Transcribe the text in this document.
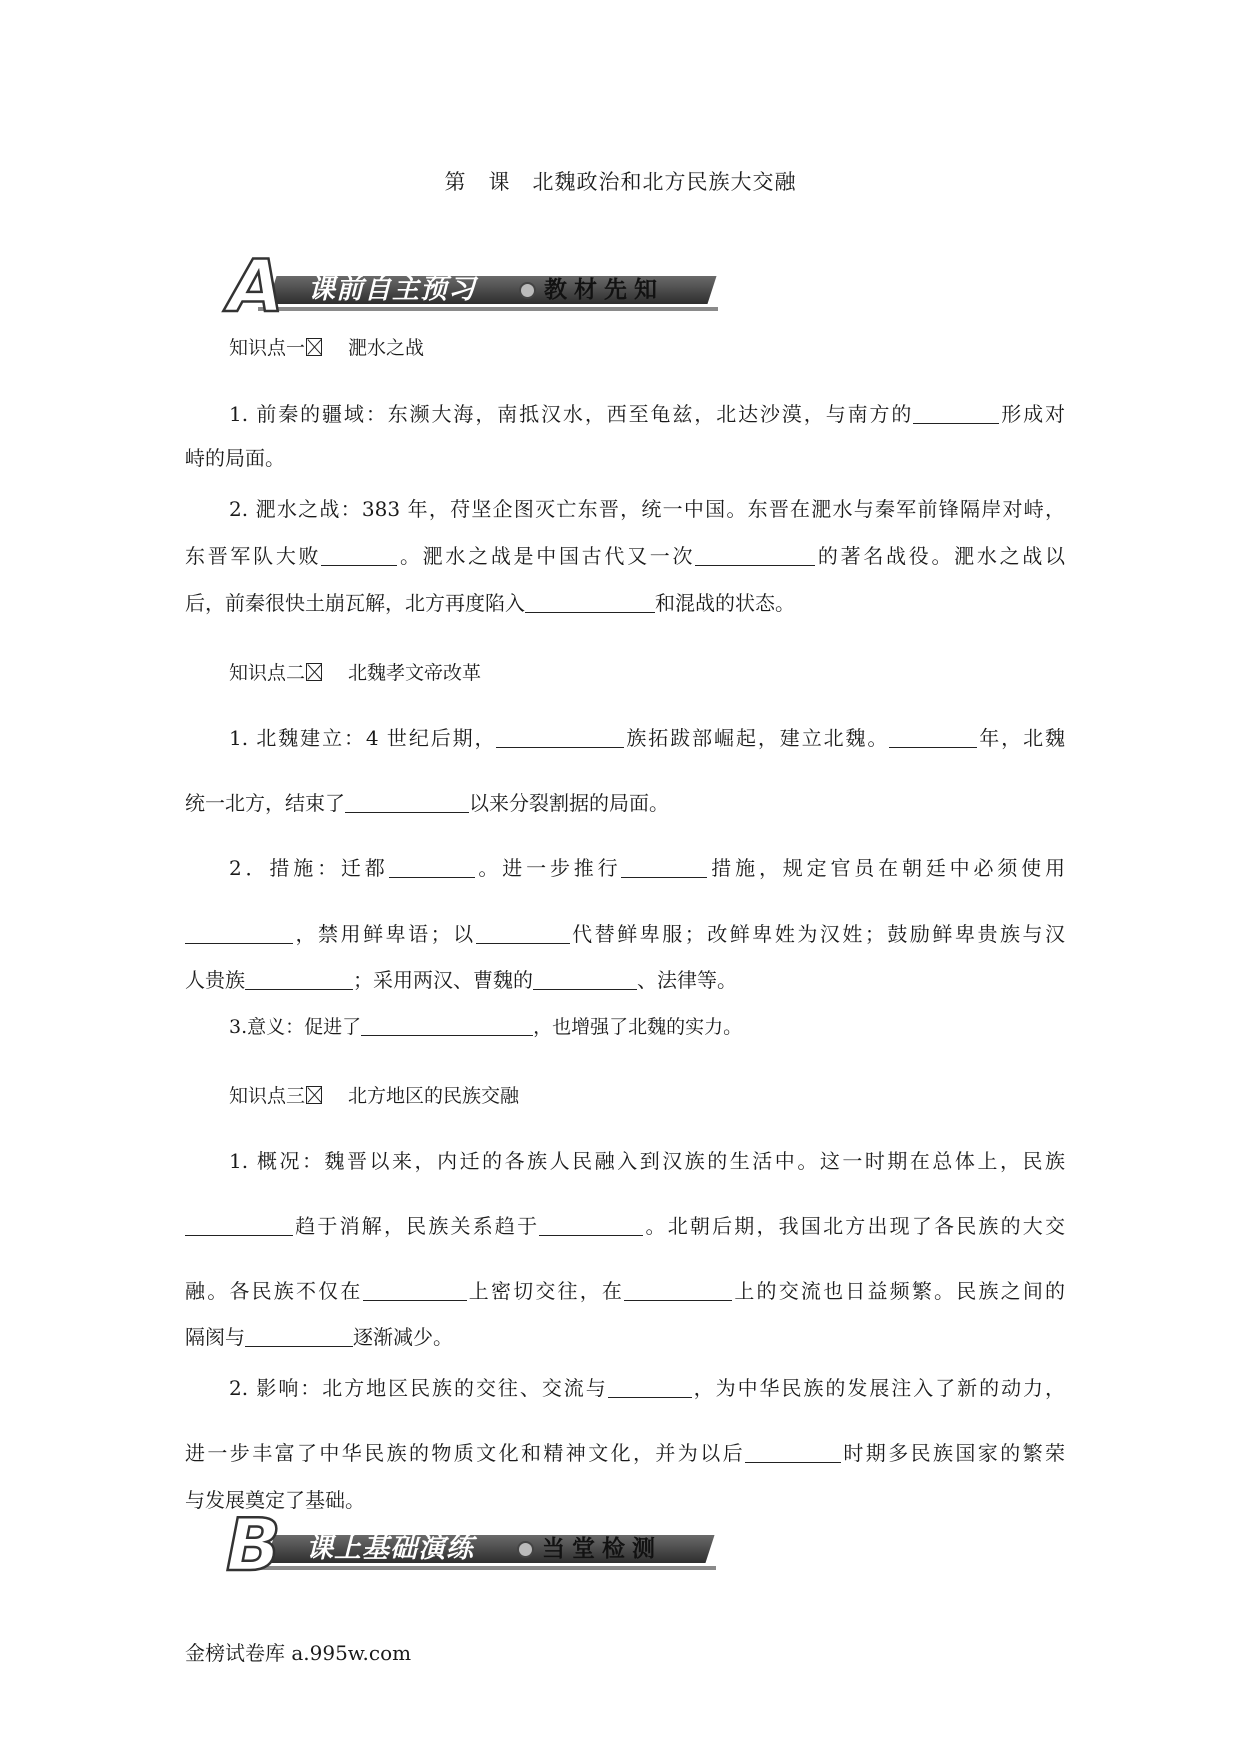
第 课 北魏政治和北方民族大交融
A 课前自主预习	教材先知
知识点一 淝水之战
1. 前秦的疆域：东濒大海，南抵汉水，西至龟兹，北达沙漠，与南方的	形成对
峙的局面。
2. 淝水之战：383 年，苻坚企图灭亡东晋，统一中国。东晋在淝水与秦军前锋隔岸对峙，
东晋军队大败	。淝水之战是中国古代又一次	的著名战役。淝水之战以
后，前秦很快土崩瓦解，北方再度陷入	和混战的状态。
知识点二 北魏孝文帝改革
1. 北魏建立：4 世纪后期，	族拓跋部崛起，建立北魏。	年，北魏
统一北方，结束了	以来分裂割据的局面。
2．措施：迁都	。进一步推行	措施，规定官员在朝廷中必须使用
，禁用鲜卑语；以	代替鲜卑服；改鲜卑姓为汉姓；鼓励鲜卑贵族与汉
人贵族	；采用两汉、曹魏的	、法律等。
3.意义：促进了	，也增强了北魏的实力。
知识点三 北方地区的民族交融
1. 概况：魏晋以来，内迁的各族人民融入到汉族的生活中。这一时期在总体上，民族
趋于消解，民族关系趋于	。北朝后期，我国北方出现了各民族的大交
融。各民族不仅在	上密切交往，在	上的交流也日益频繁。民族之间的
隔阂与	逐渐减少。
2. 影响：北方地区民族的交往、交流与	，为中华民族的发展注入了新的动力，
进一步丰富了中华民族的物质文化和精神文化，并为以后	时期多民族国家的繁荣
与发展奠定了基础。
B 课上基础演练	当堂检测
金榜试卷库 a.995w.com
